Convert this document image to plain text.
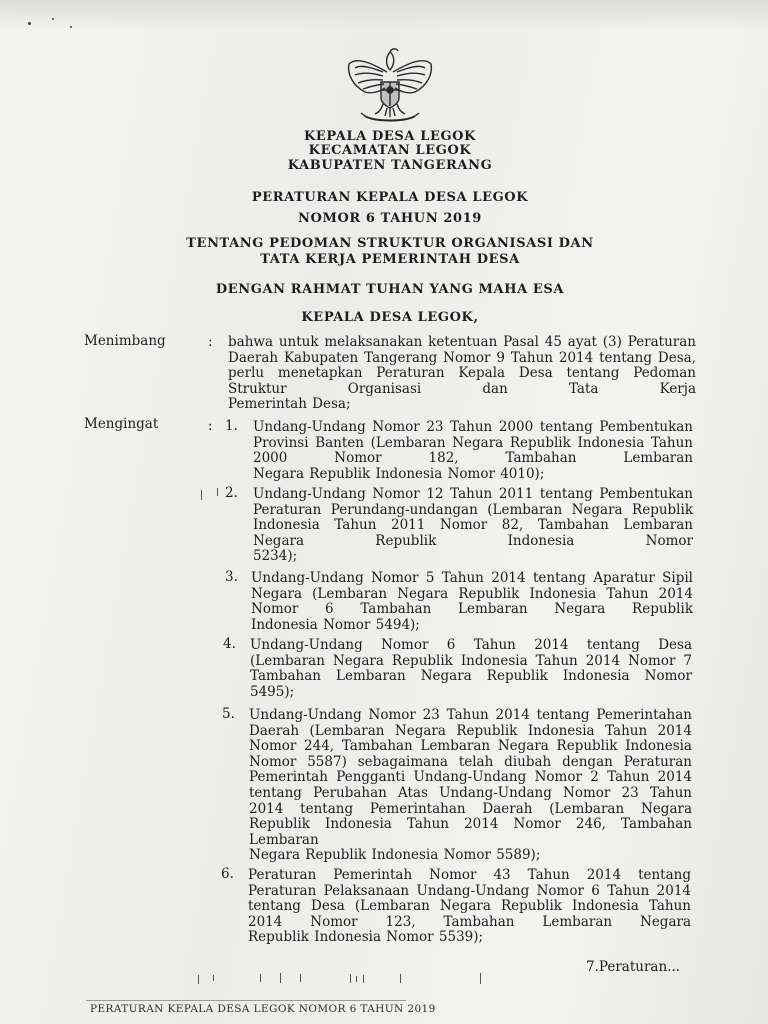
KEPALA DESA LEGOK
KECAMATAN LEGOK
KABUPATEN TANGERANG
PERATURAN KEPALA DESA LEGOK
NOMOR 6 TAHUN 2019
TENTANG PEDOMAN STRUKTUR ORGANISASI DAN
TATA KERJA PEMERINTAH DESA
DENGAN RAHMAT TUHAN YANG MAHA ESA
KEPALA DESA LEGOK,
Menimbang	: bahwa untuk melaksanakan ketentuan Pasal 45 ayat (3) Peraturan Daerah Kabupaten Tangerang Nomor 9 Tahun 2014 tentang Desa, perlu menetapkan Peraturan Kepala Desa tentang Pedoman Struktur Organisasi dan Tata Kerja
Pemerintah Desa;
Mengingat	: 1. Undang-Undang Nomor 23 Tahun 2000 tentang Pembentukan Provinsi Banten (Lembaran Negara Republik Indonesia Tahun 2000 Nomor 182, Tambahan Lembaran
Negara Republik Indonesia Nomor 4010);
2. Undang-Undang Nomor 12 Tahun 2011 tentang Pembentukan Peraturan Perundang-undangan (Lembaran Negara Republik Indonesia Tahun 2011 Nomor 82, Tambahan Lembaran Negara Republik Indonesia Nomor
5234);
3. Undang-Undang Nomor 5 Tahun 2014 tentang Aparatur Sipil Negara (Lembaran Negara Republik Indonesia Tahun 2014 Nomor 6 Tambahan Lembaran Negara Republik
Indonesia Nomor 5494);
4. Undang-Undang Nomor 6 Tahun 2014 tentang Desa (Lembaran Negara Republik Indonesia Tahun 2014 Nomor 7 Tambahan Lembaran Negara Republik Indonesia Nomor
5495);
5. Undang-Undang Nomor 23 Tahun 2014 tentang Pemerintahan Daerah (Lembaran Negara Republik Indonesia Tahun 2014 Nomor 244, Tambahan Lembaran Negara Republik Indonesia Nomor 5587) sebagaimana telah diubah dengan Peraturan Pemerintah Pengganti Undang-Undang Nomor 2 Tahun 2014 tentang Perubahan Atas Undang-Undang Nomor 23 Tahun 2014 tentang Pemerintahan Daerah (Lembaran Negara Republik Indonesia Tahun 2014 Nomor 246, Tambahan Lembaran
Negara Republik Indonesia Nomor 5589);
6. Peraturan Pemerintah Nomor 43 Tahun 2014 tentang Peraturan Pelaksanaan Undang-Undang Nomor 6 Tahun 2014 tentang Desa (Lembaran Negara Republik Indonesia Tahun 2014 Nomor 123, Tambahan Lembaran Negara
Republik Indonesia Nomor 5539);
7.Peraturan...
PERATURAN KEPALA DESA LEGOK NOMOR 6 TAHUN 2019
